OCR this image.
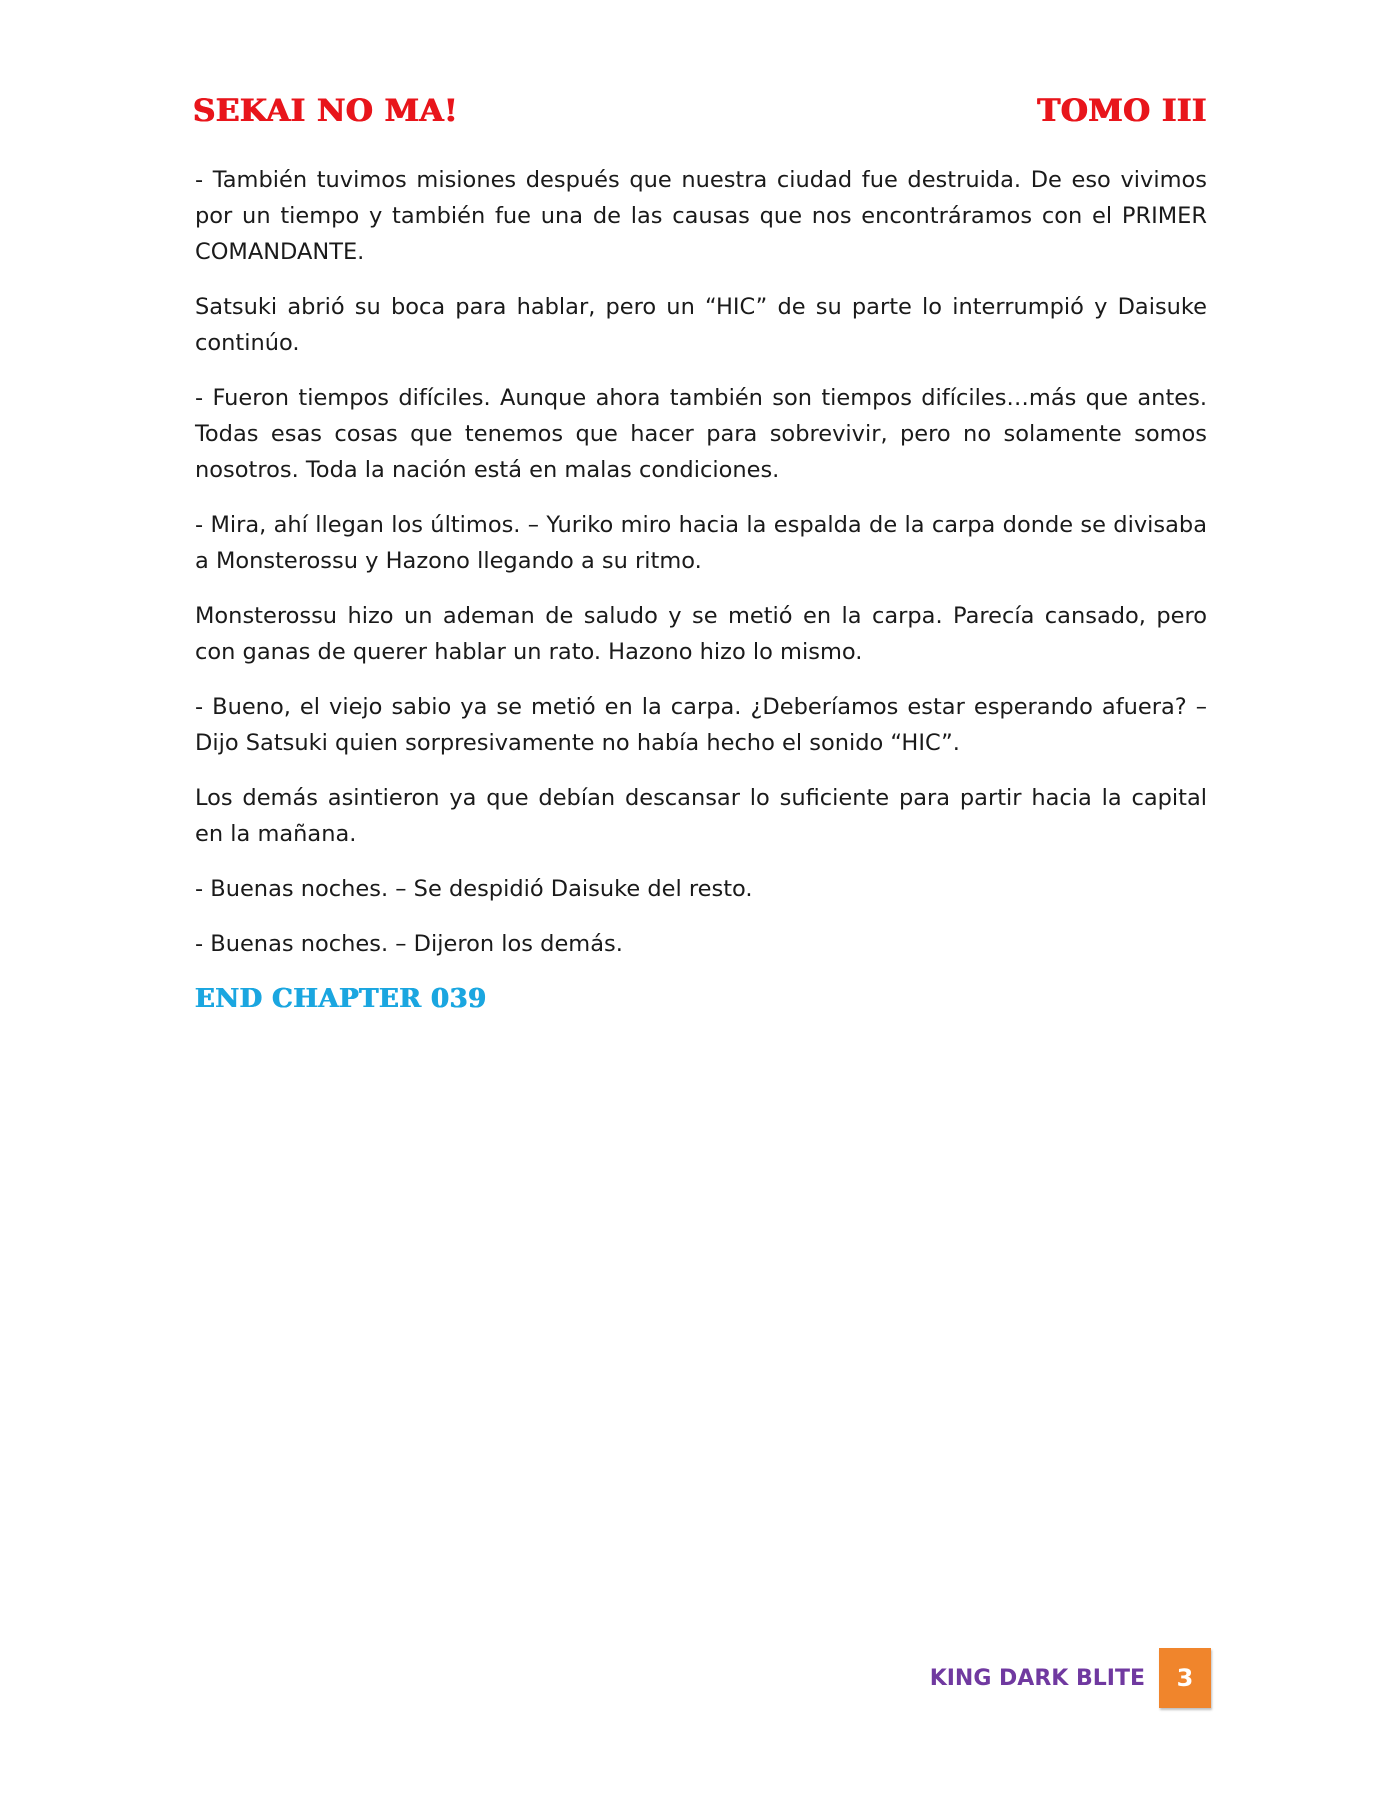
SEKAI NO MA!	TOMO III

- También tuvimos misiones después que nuestra ciudad fue destruida. De eso vivimos por un tiempo y también fue una de las causas que nos encontráramos con el PRIMER COMANDANTE.

Satsuki abrió su boca para hablar, pero un “HIC” de su parte lo interrumpió y Daisuke continúo.

- Fueron tiempos difíciles. Aunque ahora también son tiempos difíciles…más que antes. Todas esas cosas que tenemos que hacer para sobrevivir, pero no solamente somos nosotros. Toda la nación está en malas condiciones.

- Mira, ahí llegan los últimos. – Yuriko miro hacia la espalda de la carpa donde se divisaba a Monsterossu y Hazono llegando a su ritmo.

Monsterossu hizo un ademan de saludo y se metió en la carpa. Parecía cansado, pero con ganas de querer hablar un rato. Hazono hizo lo mismo.

- Bueno, el viejo sabio ya se metió en la carpa. ¿Deberíamos estar esperando afuera? – Dijo Satsuki quien sorpresivamente no había hecho el sonido “HIC”.

Los demás asintieron ya que debían descansar lo suficiente para partir hacia la capital en la mañana.

- Buenas noches. – Se despidió Daisuke del resto.

- Buenas noches. – Dijeron los demás.

END CHAPTER 039
KING DARK BLITE	3
